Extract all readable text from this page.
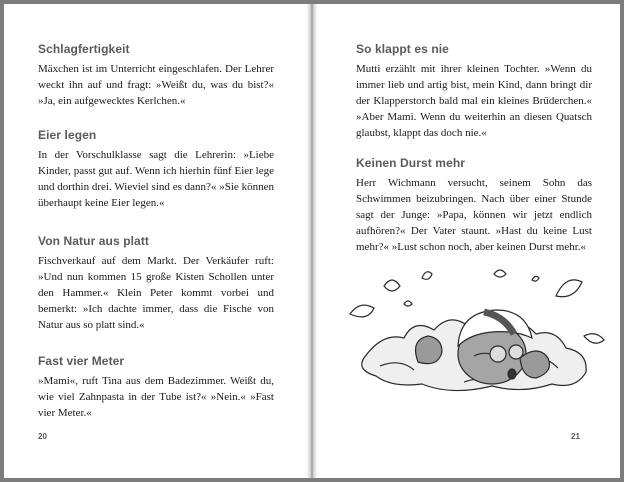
Schlagfertigkeit

Mäxchen ist im Unterricht eingeschlafen. Der Lehrer weckt ihn auf und fragt: »Weißt du, was du bist?« »Ja, ein aufgewecktes Kerlchen.«

Eier legen

In der Vorschulklasse sagt die Lehrerin: »Liebe Kinder, passt gut auf. Wenn ich hierhin fünf Eier lege und dorthin drei. Wieviel sind es dann?« »Sie können überhaupt keine Eier legen.«

Von Natur aus platt

Fischverkauf auf dem Markt. Der Verkäufer ruft: »Und nun kommen 15 große Kisten Schollen unter den Hammer.« Klein Peter kommt vorbei und bemerkt: »Ich dachte immer, dass die Fische von Natur aus so platt sind.«

Fast vier Meter

»Mami«, ruft Tina aus dem Badezimmer. Weißt du, wie viel Zahnpasta in der Tube ist?« »Nein.« »Fast vier Meter.«

20
So klappt es nie

Mutti erzählt mit ihrer kleinen Tochter. »Wenn du immer lieb und artig bist, mein Kind, dann bringt dir der Klapperstorch bald mal ein kleines Brüderchen.« »Aber Mami. Wenn du weiterhin an diesen Quatsch glaubst, klappt das doch nie.«

Keinen Durst mehr

Herr Wichmann versucht, seinem Sohn das Schwimmen beizubringen. Nach über einer Stunde sagt der Junge: »Papa, können wir jetzt endlich aufhören?« Der Vater staunt. »Hast du keine Lust mehr?« »Lust schon noch, aber keinen Durst mehr.«

21
